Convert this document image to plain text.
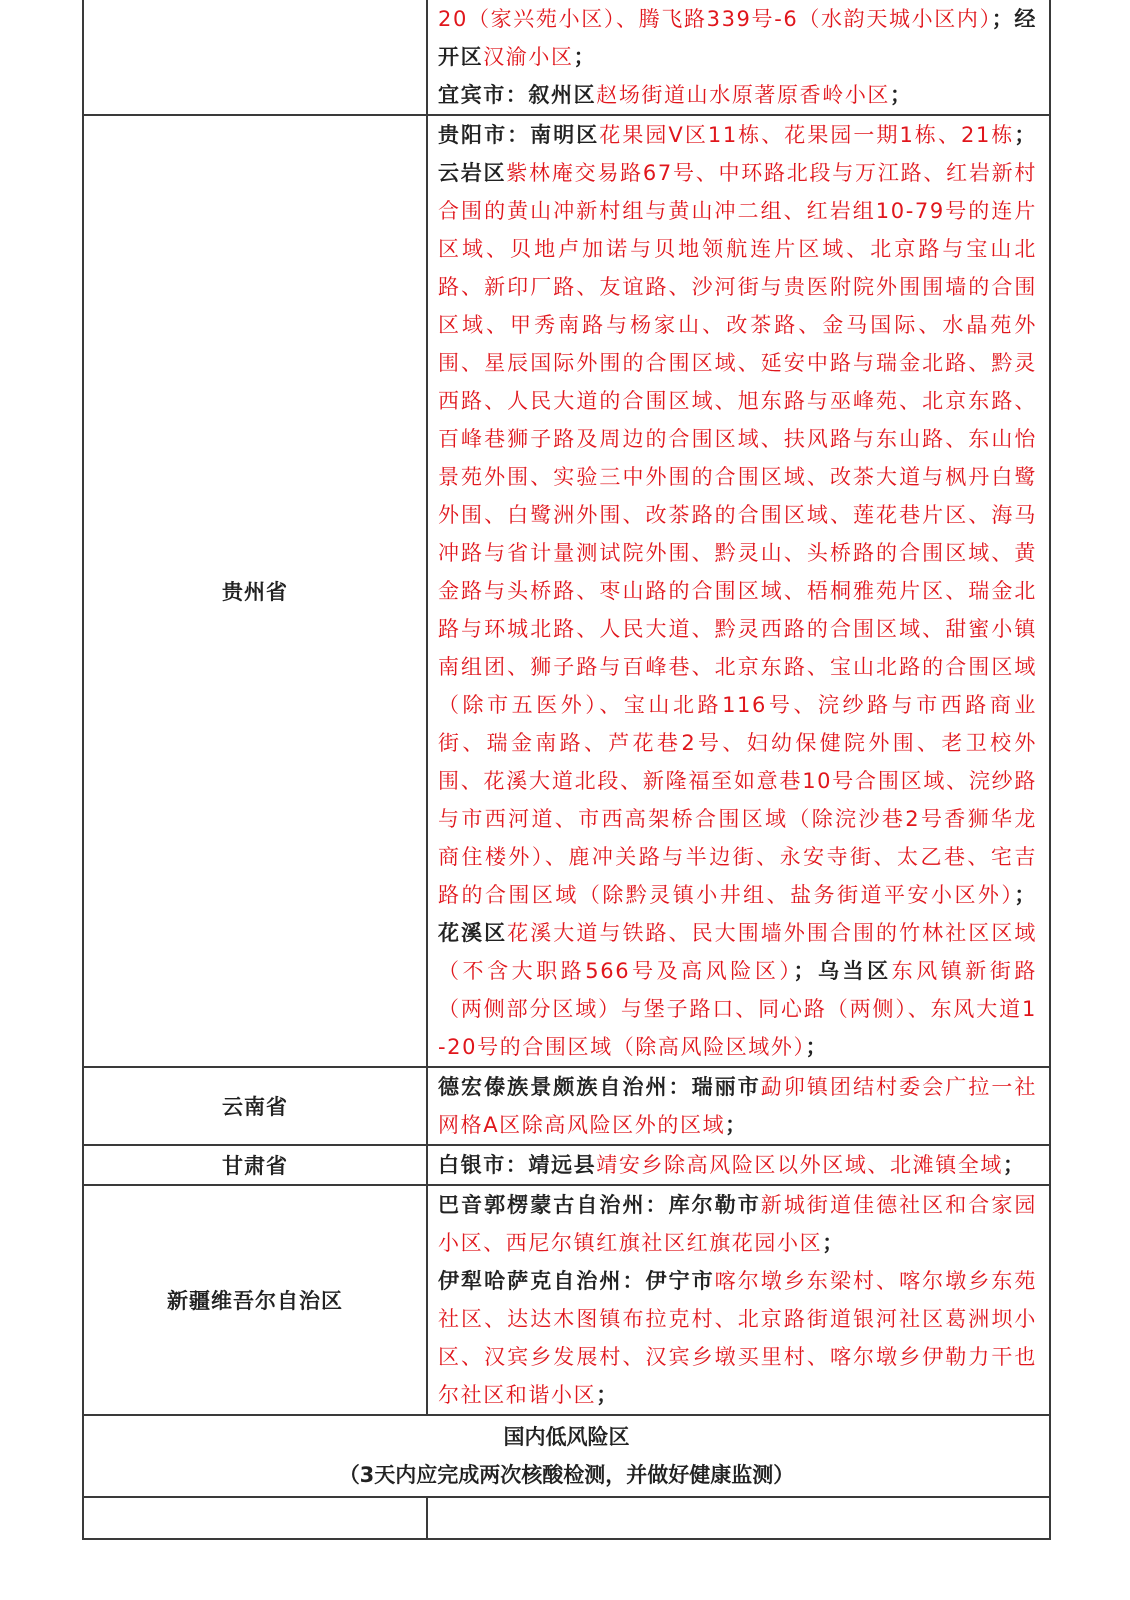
	20（家兴苑小区）、腾飞路339号-6（水韵天城小区内）；经开区汉渝小区；
宜宾市：叙州区赵场街道山水原著原香岭小区；

贵州省	贵阳市：南明区花果园V区11栋、花果园一期1栋、21栋；云岩区紫林庵交易路67号、中环路北段与万江路、红岩新村合围的黄山冲新村组与黄山冲二组、红岩组10-79号的连片区域、贝地卢加诺与贝地领航连片区域、北京路与宝山北路、新印厂路、友谊路、沙河街与贵医附院外围围墙的合围区域、甲秀南路与杨家山、改茶路、金马国际、水晶苑外围、星辰国际外围的合围区域、延安中路与瑞金北路、黔灵西路、人民大道的合围区域、旭东路与巫峰苑、北京东路、百峰巷狮子路及周边的合围区域、扶风路与东山路、东山怡景苑外围、实验三中外围的合围区域、改茶大道与枫丹白鹭外围、白鹭洲外围、改茶路的合围区域、莲花巷片区、海马冲路与省计量测试院外围、黔灵山、头桥路的合围区域、黄金路与头桥路、枣山路的合围区域、梧桐雅苑片区、瑞金北路与环城北路、人民大道、黔灵西路的合围区域、甜蜜小镇南组团、狮子路与百峰巷、北京东路、宝山北路的合围区域（除市五医外）、宝山北路116号、浣纱路与市西路商业街、瑞金南路、芦花巷2号、妇幼保健院外围、老卫校外围、花溪大道北段、新隆福至如意巷10号合围区域、浣纱路与市西河道、市西高架桥合围区域（除浣沙巷2号香狮华龙商住楼外）、鹿冲关路与半边街、永安寺街、太乙巷、宅吉路的合围区域（除黔灵镇小井组、盐务街道平安小区外）；花溪区花溪大道与铁路、民大围墙外围合围的竹林社区区域（不含大职路566号及高风险区）；乌当区东风镇新街路（两侧部分区域）与堡子路口、同心路（两侧）、东风大道1-20号的合围区域（除高风险区域外）；

云南省	德宏傣族景颇族自治州：瑞丽市勐卯镇团结村委会广拉一社网格A区除高风险区外的区域；

甘肃省	白银市：靖远县靖安乡除高风险区以外区域、北滩镇全域；

新疆维吾尔自治区	巴音郭楞蒙古自治州：库尔勒市新城街道佳德社区和合家园小区、西尼尔镇红旗社区红旗花园小区；
伊犁哈萨克自治州：伊宁市喀尔墩乡东梁村、喀尔墩乡东苑社区、达达木图镇布拉克村、北京路街道银河社区葛洲坝小区、汉宾乡发展村、汉宾乡墩买里村、喀尔墩乡伊勒力干也尔社区和谐小区；

国内低风险区
（3天内应完成两次核酸检测，并做好健康监测）	
